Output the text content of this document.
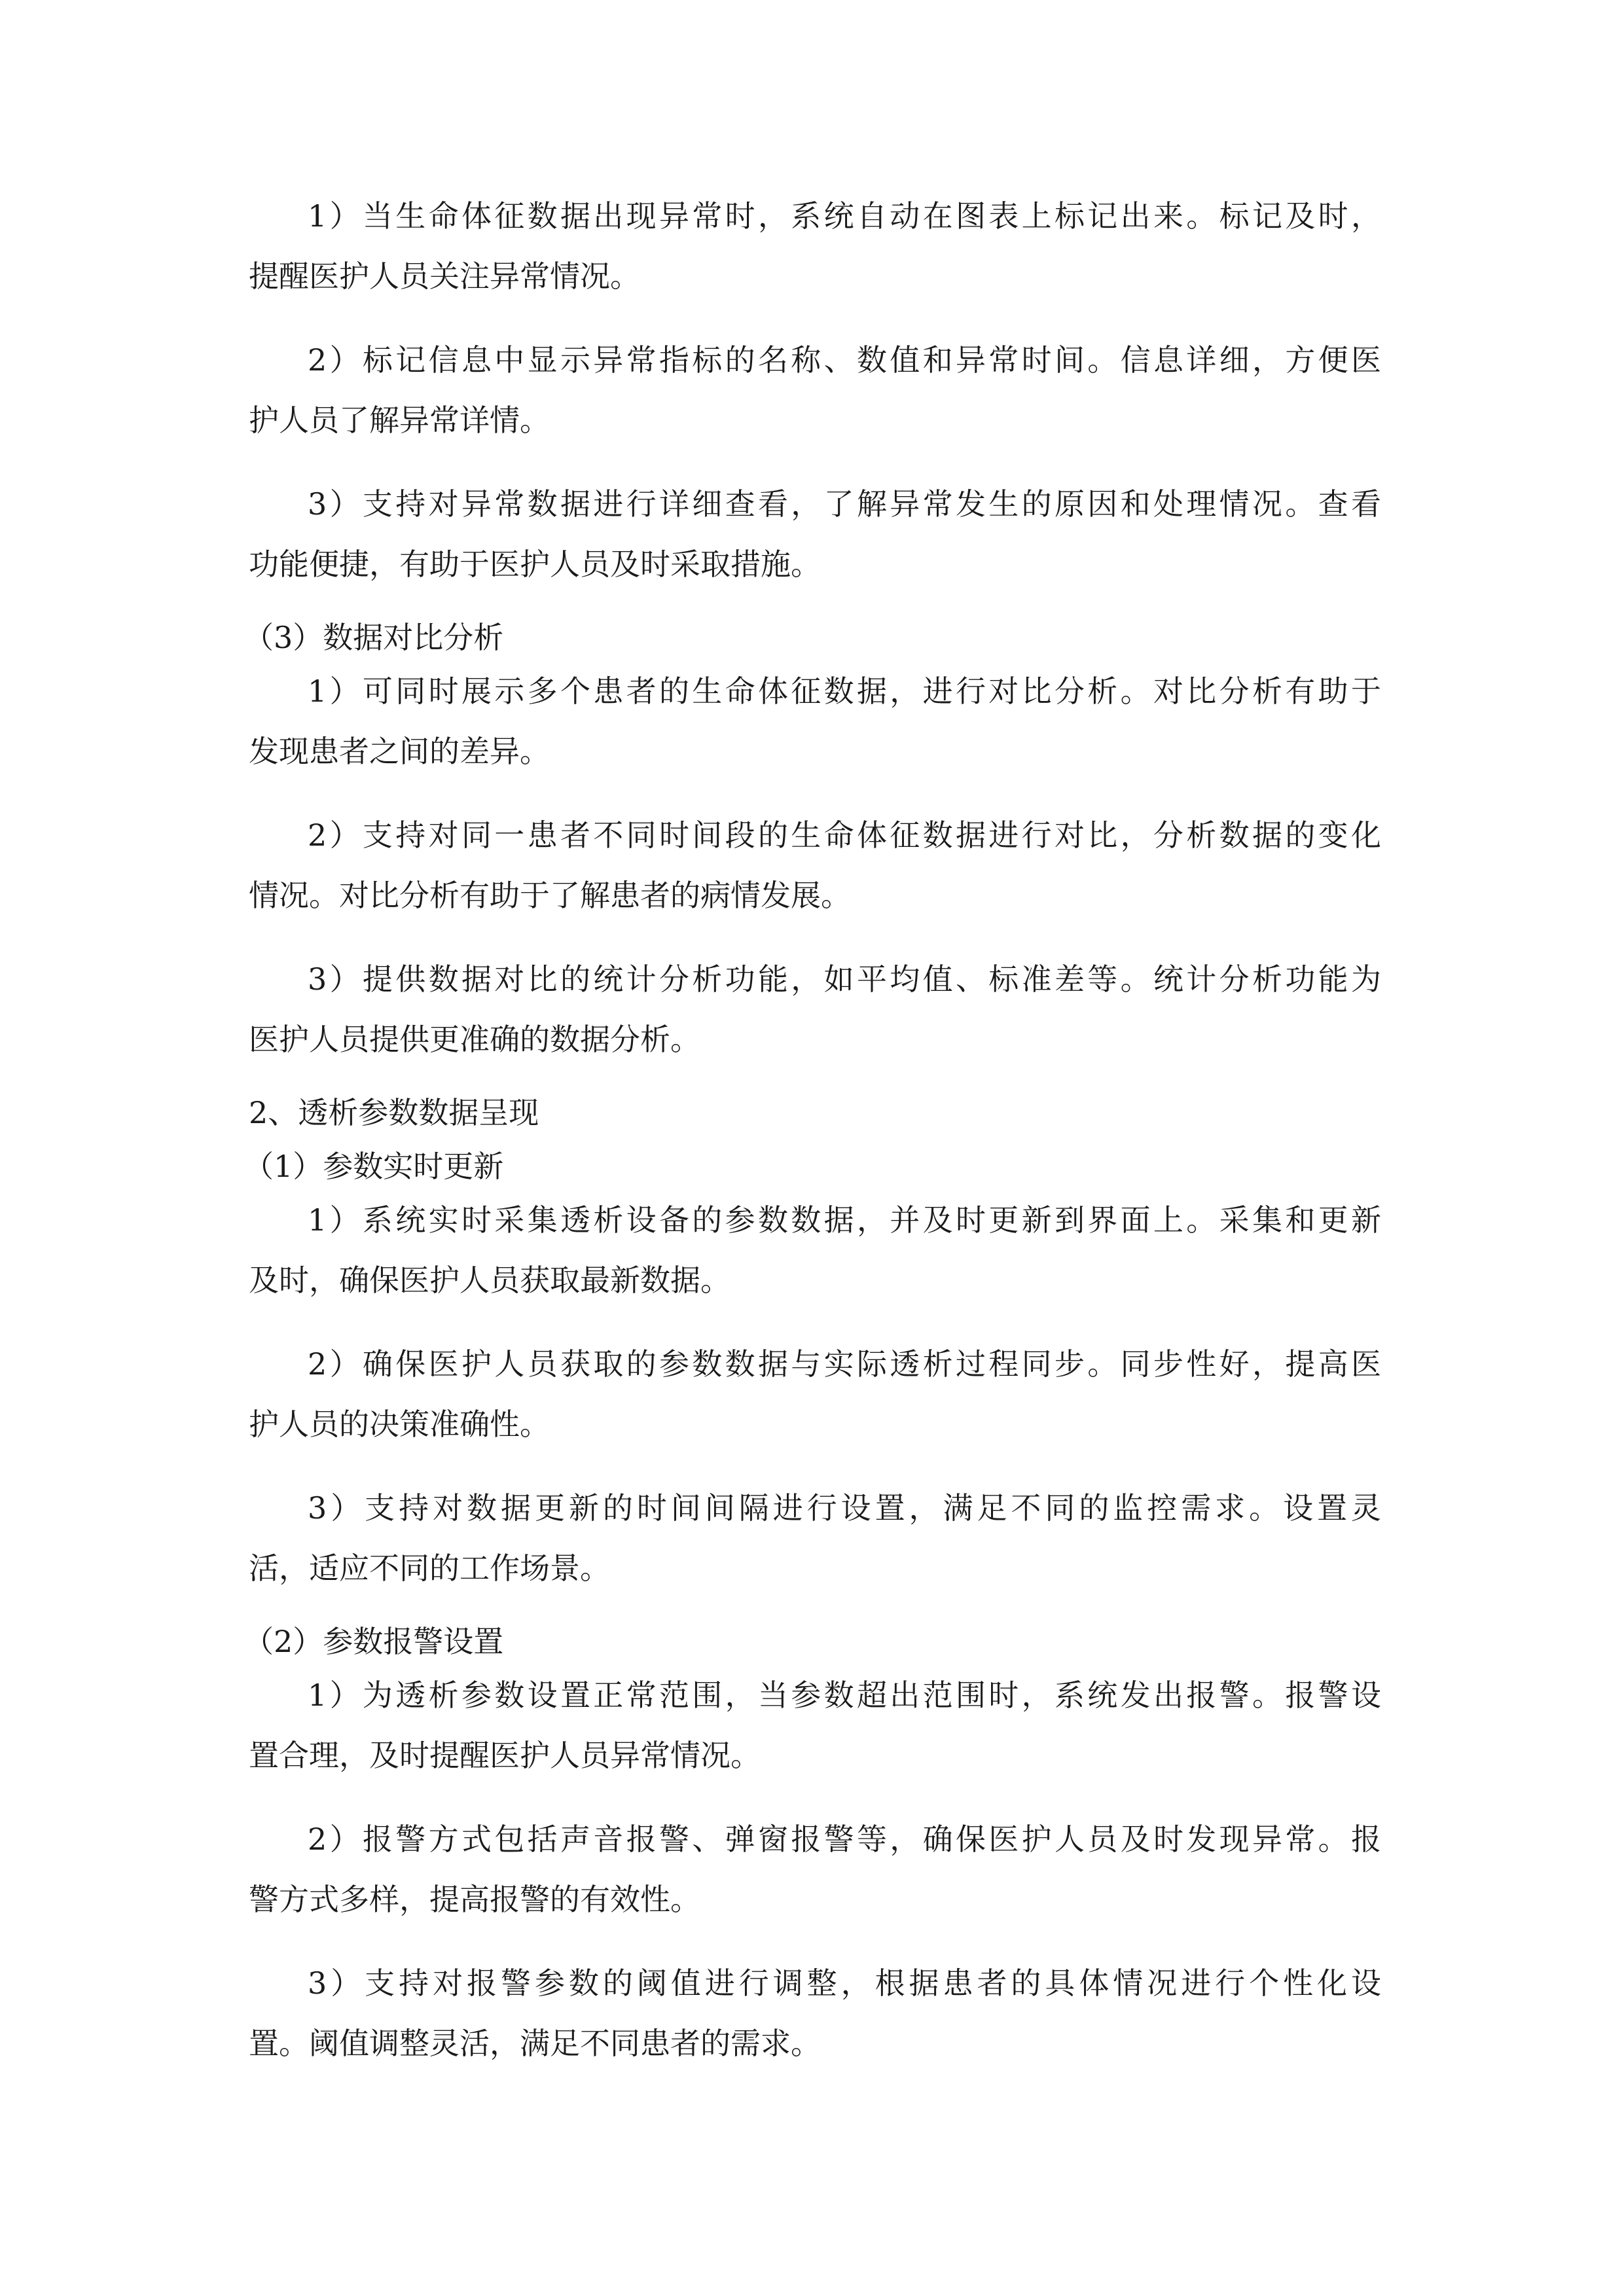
1）当生命体征数据出现异常时，系统自动在图表上标记出来。标记及时，
提醒医护人员关注异常情况。
2）标记信息中显示异常指标的名称、数值和异常时间。信息详细，方便医
护人员了解异常详情。
3）支持对异常数据进行详细查看，了解异常发生的原因和处理情况。查看
功能便捷，有助于医护人员及时采取措施。
（3）数据对比分析
1）可同时展示多个患者的生命体征数据，进行对比分析。对比分析有助于
发现患者之间的差异。
2）支持对同一患者不同时间段的生命体征数据进行对比，分析数据的变化
情况。对比分析有助于了解患者的病情发展。
3）提供数据对比的统计分析功能，如平均值、标准差等。统计分析功能为
医护人员提供更准确的数据分析。
2、透析参数数据呈现
（1）参数实时更新
1）系统实时采集透析设备的参数数据，并及时更新到界面上。采集和更新
及时，确保医护人员获取最新数据。
2）确保医护人员获取的参数数据与实际透析过程同步。同步性好，提高医
护人员的决策准确性。
3）支持对数据更新的时间间隔进行设置，满足不同的监控需求。设置灵
活，适应不同的工作场景。
（2）参数报警设置
1）为透析参数设置正常范围，当参数超出范围时，系统发出报警。报警设
置合理，及时提醒医护人员异常情况。
2）报警方式包括声音报警、弹窗报警等，确保医护人员及时发现异常。报
警方式多样，提高报警的有效性。
3）支持对报警参数的阈值进行调整，根据患者的具体情况进行个性化设
置。阈值调整灵活，满足不同患者的需求。
